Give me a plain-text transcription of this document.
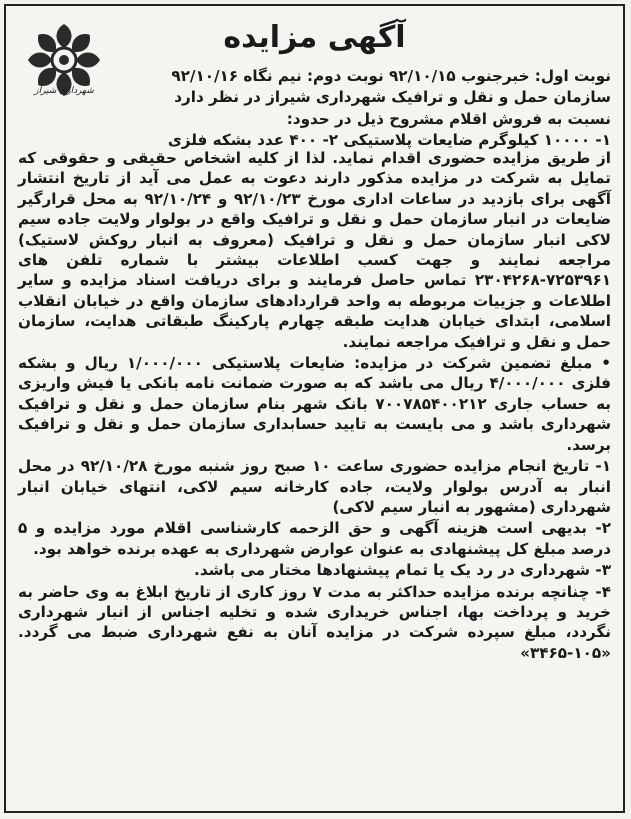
شهرداری شیراز
آگهی مزایده
نوبت اول: خبرجنوب ۹۲/۱۰/۱۵ نوبت دوم: نیم نگاه ۹۲/۱۰/۱۶
سازمان حمل و نقل و ترافیک شهرداری شیراز در نظر دارد
نسبت به فروش اقلام مشروح ذیل در حدود:
۱- ۱۰۰۰۰ کیلوگرم ضایعات پلاستیکی ۲- ۴۰۰ عدد بشکه فلزی
از طریق مزایده حضوری اقدام نماید. لذا از کلیه اشخاص حقیقی و حقوقی که تمایل به شرکت در مزایده مذکور دارند دعوت به عمل می آید از تاریخ انتشار آگهی برای بازدید در ساعات اداری مورخ ۹۲/۱۰/۲۳ و ۹۲/۱۰/۲۴ به محل قرارگیر ضایعات در انبار سازمان حمل و نقل و ترافیک واقع در بولوار ولایت جاده سیم لاکی انبار سازمان حمل و نقل و ترافیک (معروف به انبار روکش لاستیک) مراجعه نمایند و جهت کسب اطلاعات بیشتر با شماره تلفن های ۷۲۵۳۹۶۱-۲۳۰۴۲۶۸ تماس حاصل فرمایند و برای دریافت اسناد مزایده و سایر اطلاعات و جزییات مربوطه به واحد قراردادهای سازمان واقع در خیابان انقلاب اسلامی، ابتدای خیابان هدایت طبقه چهارم پارکینگ طبقاتی هدایت، سازمان حمل و نقل و ترافیک مراجعه نمایند.
• مبلغ تضمین شرکت در مزایده: ضایعات پلاستیکی ۱/۰۰۰/۰۰۰ ریال و بشکه فلزی ۴/۰۰۰/۰۰۰ ریال می باشد که به صورت ضمانت نامه بانکی یا فیش واریزی به حساب جاری ۷۰۰۷۸۵۴۰۰۲۱۲ بانک شهر بنام سازمان حمل و نقل و ترافیک شهرداری باشد و می بایست به تایید حسابداری سازمان حمل و نقل و ترافیک برسد.
۱- تاریخ انجام مزایده حضوری ساعت ۱۰ صبح روز شنبه مورخ ۹۲/۱۰/۲۸ در محل انبار به آدرس بولوار ولایت، جاده کارخانه سیم لاکی، انتهای خیابان انبار شهرداری (مشهور به انبار سیم لاکی)
۲- بدیهی است هزینه آگهی و حق الزحمه کارشناسی اقلام مورد مزایده و ۵ درصد مبلغ کل پیشنهادی به عنوان عوارض شهرداری به عهده برنده خواهد بود.
۳- شهرداری در رد یک یا تمام پیشنهادها مختار می باشد.
۴- چنانچه برنده مزایده حداکثر به مدت ۷ روز کاری از تاریخ ابلاغ به وی حاضر به خرید و پرداخت بها، اجناس خریداری شده و تخلیه اجناس از انبار شهرداری نگردد، مبلغ سپرده شرکت در مزایده آنان به نفع شهرداری ضبط می گردد. «۳۴۶۵-۱۰۵»
